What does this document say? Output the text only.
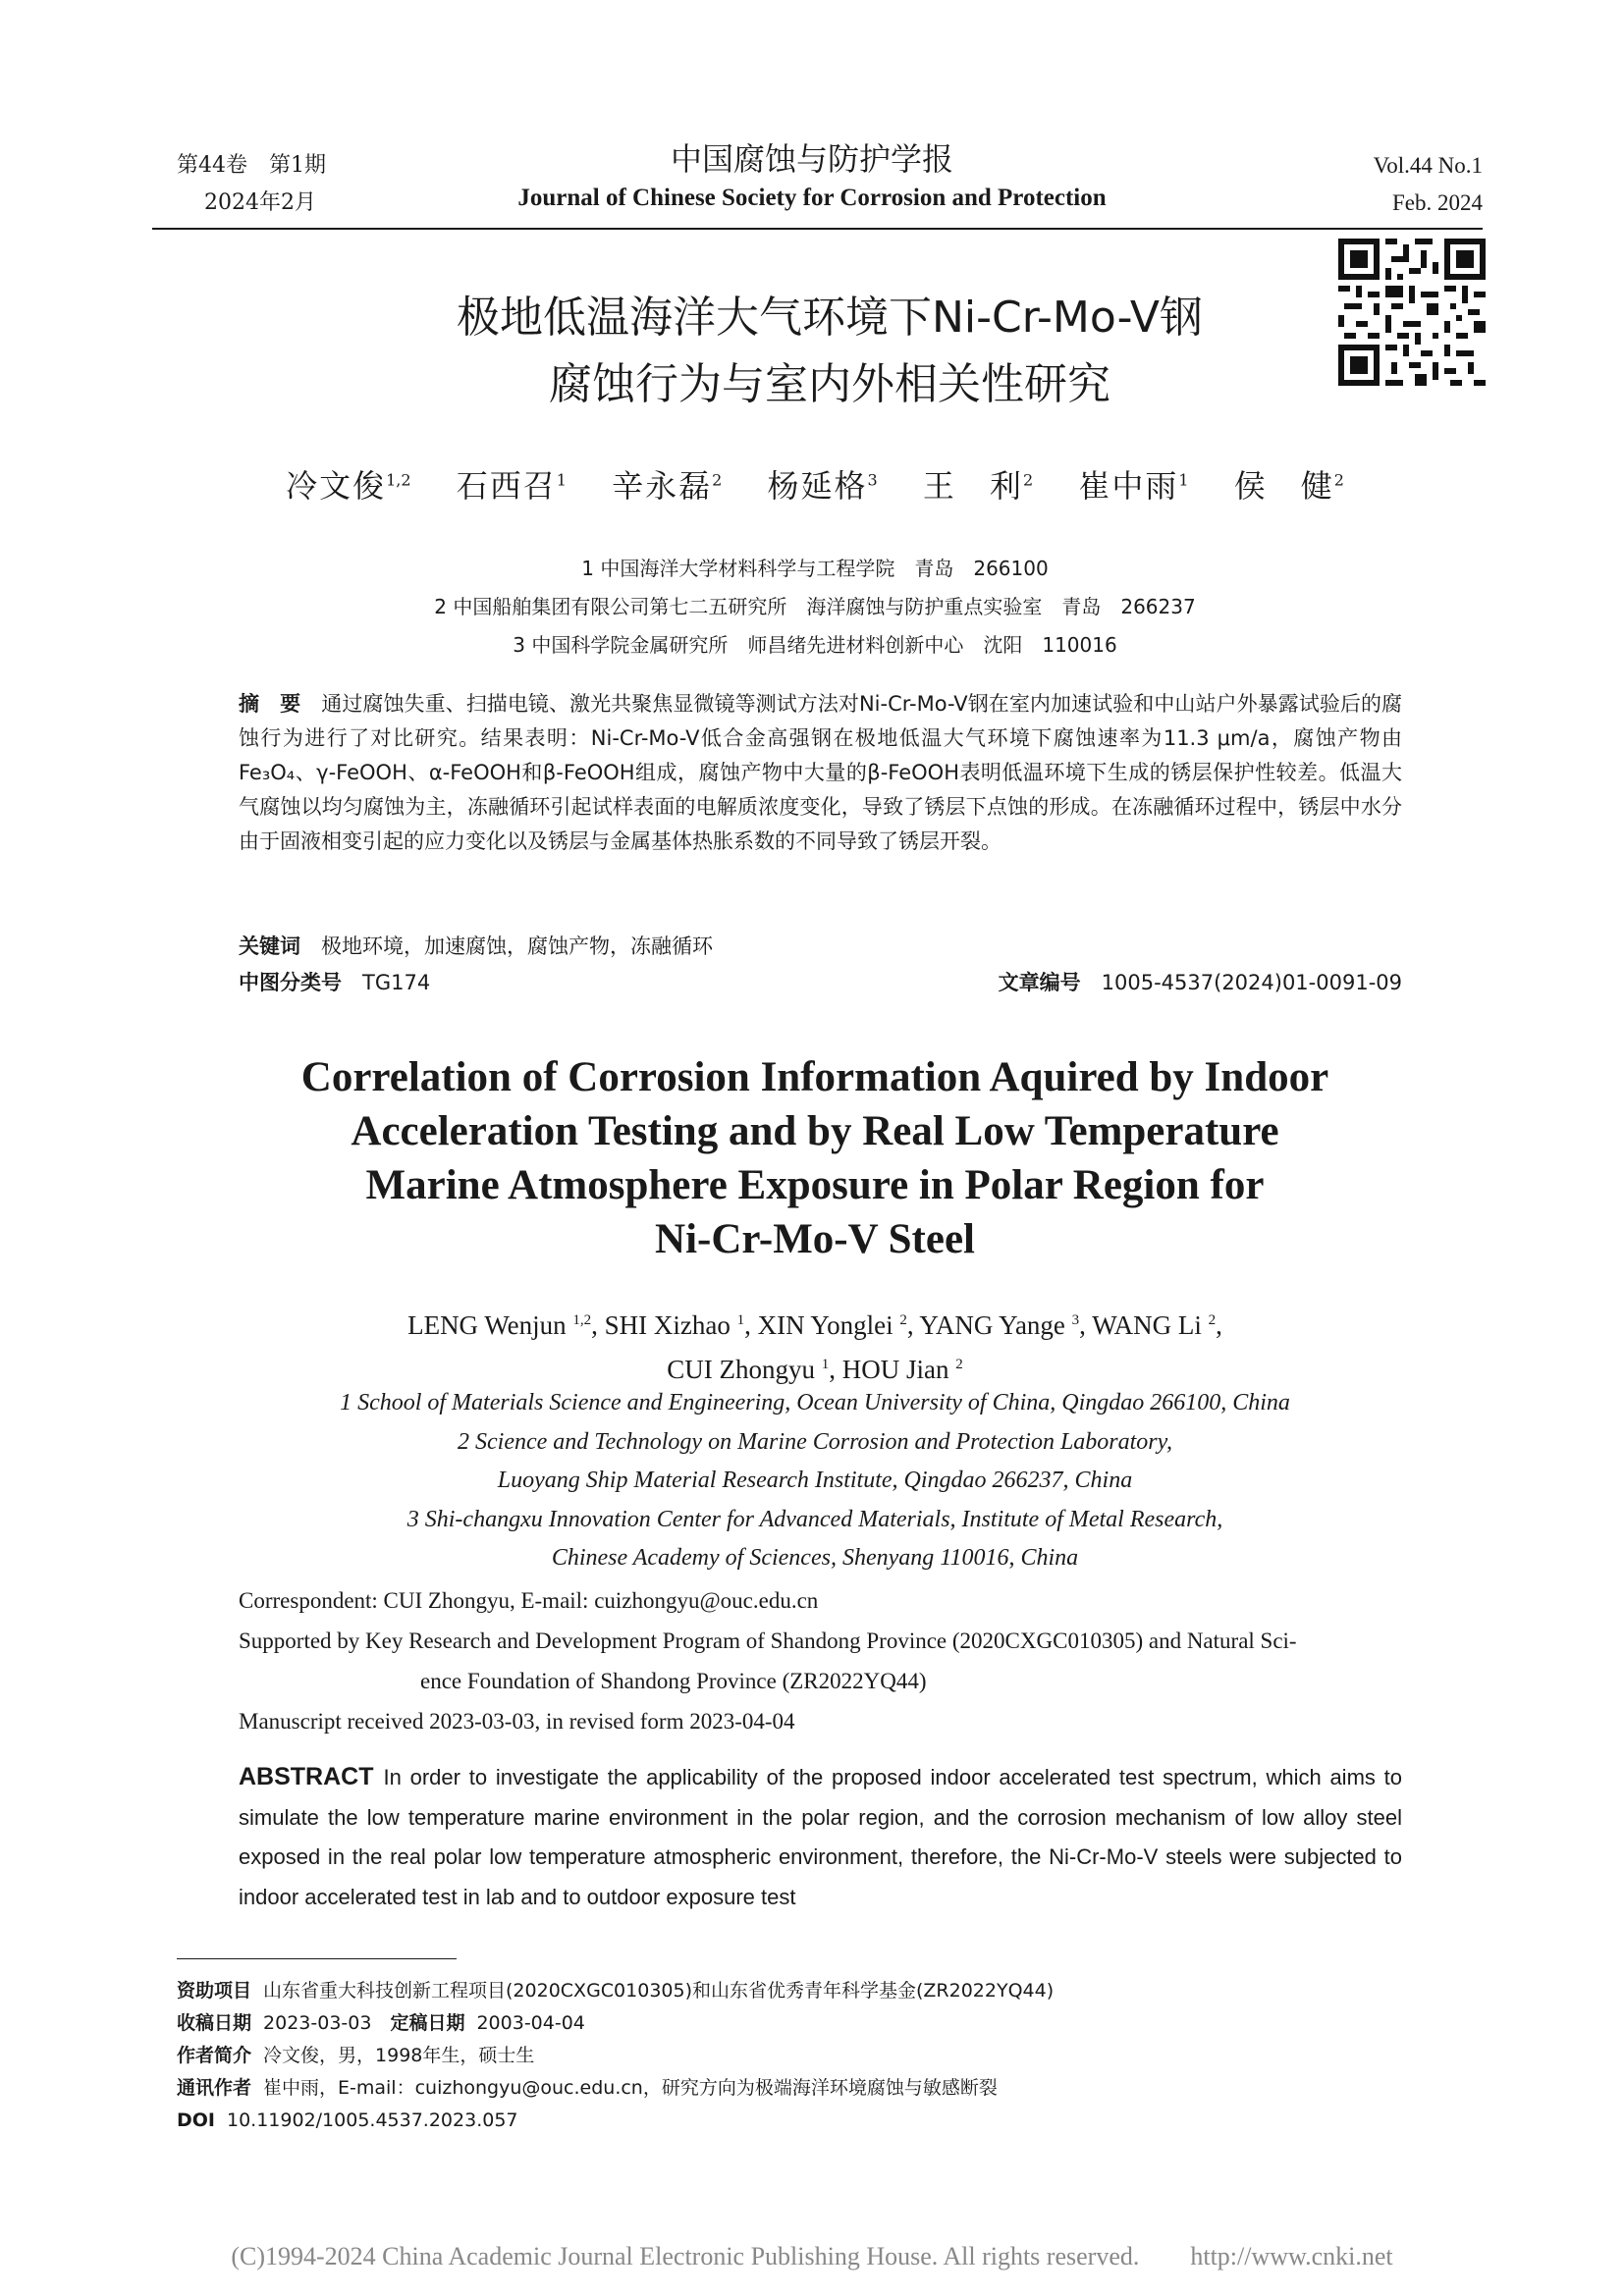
第44卷　第1期
2024年2月
中国腐蚀与防护学报
Journal of Chinese Society for Corrosion and Protection
Vol.44 No.1
Feb. 2024
极地低温海洋大气环境下Ni-Cr-Mo-V钢
腐蚀行为与室内外相关性研究
冷文俊$^{1,2}$　 石西召$^1$　 辛永磊$^2$　 杨延格$^3$　 王　利$^2$　 崔中雨$^1$　 侯　健$^2$
1 中国海洋大学材料科学与工程学院　青岛　266100
2 中国船舶集团有限公司第七二五研究所　海洋腐蚀与防护重点实验室　青岛　266237
3 中国科学院金属研究所　师昌绪先进材料创新中心　沈阳　110016
摘　要　 通过腐蚀失重、扫描电镜、激光共聚焦显微镜等测试方法对Ni-Cr-Mo-V钢在室内加速试验和中山站户外暴露试验后的腐蚀行为进行了对比研究。结果表明：Ni-Cr-Mo-V低合金高强钢在极地低温大气环境下腐蚀速率为11.3 μm/a，腐蚀产物由Fe₃O₄、γ-FeOOH、α-FeOOH和β-FeOOH组成，腐蚀产物中大量的β-FeOOH表明低温环境下生成的锈层保护性较差。低温大气腐蚀以均匀腐蚀为主，冻融循环引起试样表面的电解质浓度变化，导致了锈层下点蚀的形成。在冻融循环过程中，锈层中水分由于固液相变引起的应力变化以及锈层与金属基体热胀系数的不同导致了锈层开裂。
关键词　 极地环境，加速腐蚀，腐蚀产物，冻融循环
中图分类号　 TG174	文章编号　 1005-4537(2024)01-0091-09
Correlation of Corrosion Information Aquired by Indoor
Acceleration Testing and by Real Low Temperature
Marine Atmosphere Exposure in Polar Region for
Ni-Cr-Mo-V Steel
LENG Wenjun $^{1,2}$, SHI Xizhao $^1$, XIN Yonglei $^2$, YANG Yange $^3$, WANG Li $^2$,
CUI Zhongyu $^1$, HOU Jian $^2$
1 School of Materials Science and Engineering, Ocean University of China, Qingdao 266100, China
2 Science and Technology on Marine Corrosion and Protection Laboratory,
Luoyang Ship Material Research Institute, Qingdao 266237, China
3 Shi-changxu Innovation Center for Advanced Materials, Institute of Metal Research,
Chinese Academy of Sciences, Shenyang 110016, China
Correspondent: CUI Zhongyu, E-mail: cuizhongyu@ouc.edu.cn
Supported by Key Research and Development Program of Shandong Province (2020CXGC010305) and Natural Sci-
ence Foundation of Shandong Province (ZR2022YQ44)
Manuscript received 2023-03-03, in revised form 2023-04-04
ABSTRACT In order to investigate the applicability of the proposed indoor accelerated test spectrum, which aims to simulate the low temperature marine environment in the polar region, and the corrosion mechanism of low alloy steel exposed in the real polar low temperature atmospheric environment, therefore, the Ni-Cr-Mo-V steels were subjected to indoor accelerated test in lab and to outdoor exposure test
资助项目 山东省重大科技创新工程项目(2020CXGC010305)和山东省优秀青年科学基金(ZR2022YQ44)
收稿日期 2023-03-03　 定稿日期 2003-04-04
作者简介 冷文俊，男，1998年生，硕士生
通讯作者 崔中雨，E-mail：cuizhongyu@ouc.edu.cn，研究方向为极端海洋环境腐蚀与敏感断裂
DOI 10.11902/1005.4537.2023.057
(C)1994-2024 China Academic Journal Electronic Publishing House. All rights reserved.　　http://www.cnki.net
